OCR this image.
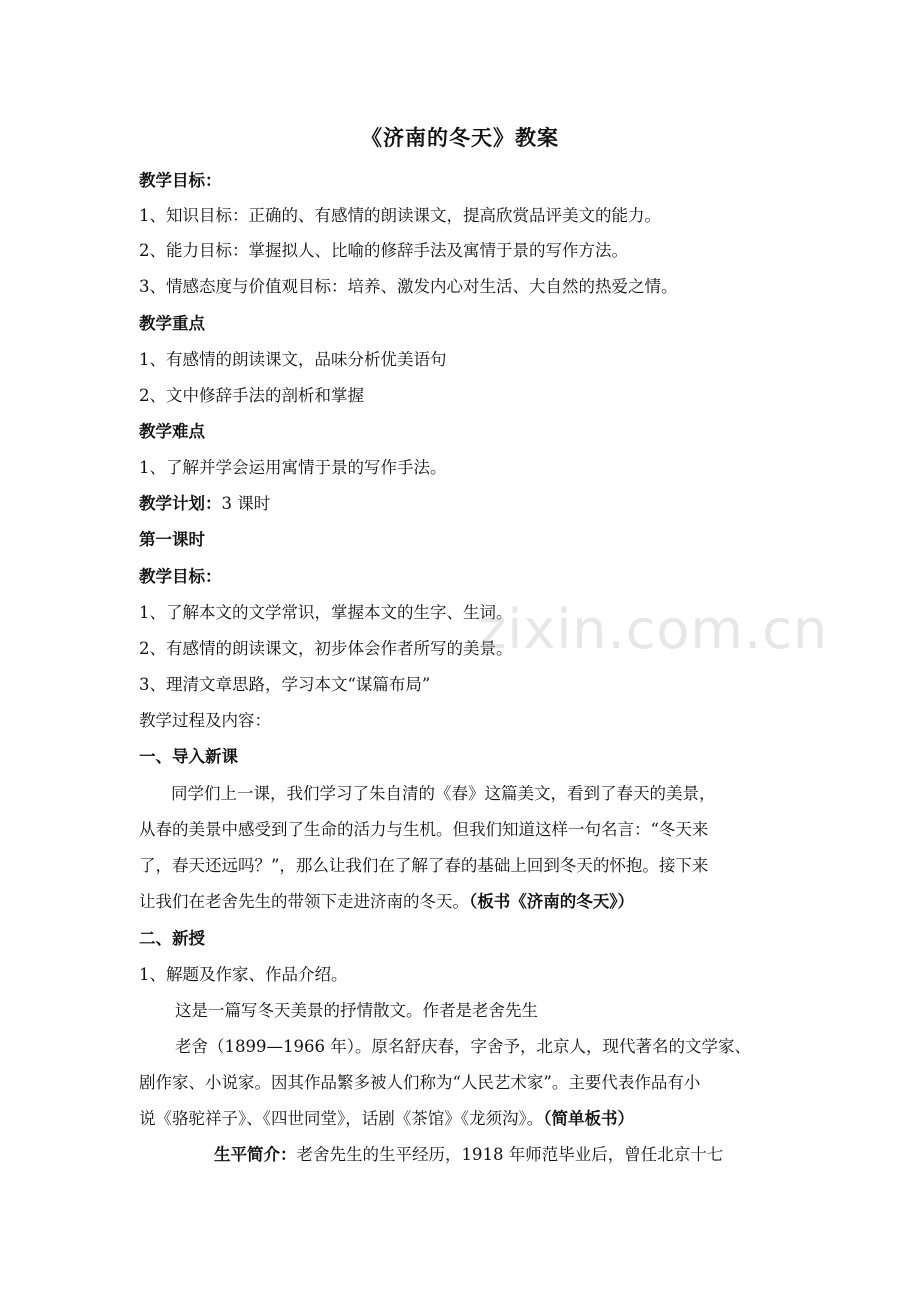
《济南的冬天》教案
教学目标：
1、知识目标：正确的、有感情的朗读课文，提高欣赏品评美文的能力。
2、能力目标：掌握拟人、比喻的修辞手法及寓情于景的写作方法。
3、情感态度与价值观目标：培养、激发内心对生活、大自然的热爱之情。
教学重点
1、有感情的朗读课文，品味分析优美语句
2、文中修辞手法的剖析和掌握
教学难点
1、了解并学会运用寓情于景的写作手法。
教学计划：3 课时
第一课时
教学目标：
1、了解本文的文学常识，掌握本文的生字、生词。
2、有感情的朗读课文，初步体会作者所写的美景。
3、理清文章思路，学习本文“谋篇布局”
教学过程及内容：
一、导入新课
同学们上一课，我们学习了朱自清的《春》这篇美文，看到了春天的美景，
从春的美景中感受到了生命的活力与生机。但我们知道这样一句名言：“冬天来
了，春天还远吗？”，那么让我们在了解了春的基础上回到冬天的怀抱。接下来
让我们在老舍先生的带领下走进济南的冬天。（板书《济南的冬天》）
二、新授
1、解题及作家、作品介绍。
这是一篇写冬天美景的抒情散文。作者是老舍先生
老舍（1899—1966 年）。原名舒庆春，字舍予，北京人，现代著名的文学家、
剧作家、小说家。因其作品繁多被人们称为“人民艺术家”。主要代表作品有小
说《骆驼祥子》、《四世同堂》，话剧《茶馆》《龙须沟》。（简单板书）
生平简介：老舍先生的生平经历，1918 年师范毕业后，曾任北京十七
zixin.com.cn
